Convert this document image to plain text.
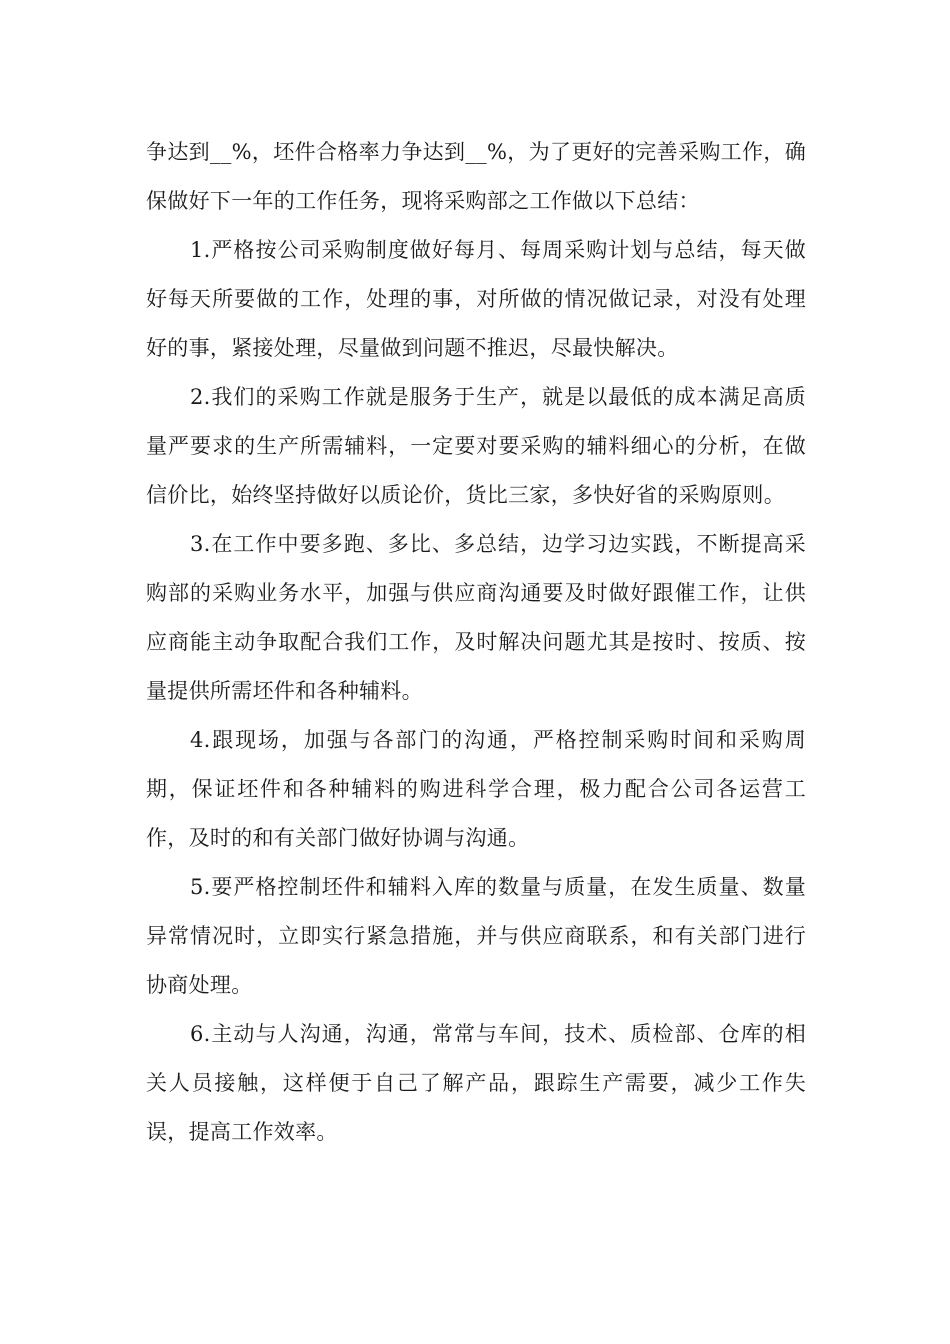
争达到__%，坯件合格率力争达到__%，为了更好的完善采购工作，确保做好下一年的工作任务，现将采购部之工作做以下总结：

1.严格按公司采购制度做好每月、每周采购计划与总结，每天做好每天所要做的工作，处理的事，对所做的情况做记录，对没有处理好的事，紧接处理，尽量做到问题不推迟，尽最快解决。

2.我们的采购工作就是服务于生产，就是以最低的成本满足高质量严要求的生产所需辅料，一定要对要采购的辅料细心的分析，在做信价比，始终坚持做好以质论价，货比三家，多快好省的采购原则。

3.在工作中要多跑、多比、多总结，边学习边实践，不断提高采购部的采购业务水平，加强与供应商沟通要及时做好跟催工作，让供应商能主动争取配合我们工作，及时解决问题尤其是按时、按质、按量提供所需坯件和各种辅料。

4.跟现场，加强与各部门的沟通，严格控制采购时间和采购周期，保证坯件和各种辅料的购进科学合理，极力配合公司各运营工作，及时的和有关部门做好协调与沟通。

5.要严格控制坯件和辅料入库的数量与质量，在发生质量、数量异常情况时，立即实行紧急措施，并与供应商联系，和有关部门进行协商处理。

6.主动与人沟通，沟通，常常与车间，技术、质检部、仓库的相关人员接触，这样便于自己了解产品，跟踪生产需要，减少工作失误，提高工作效率。
